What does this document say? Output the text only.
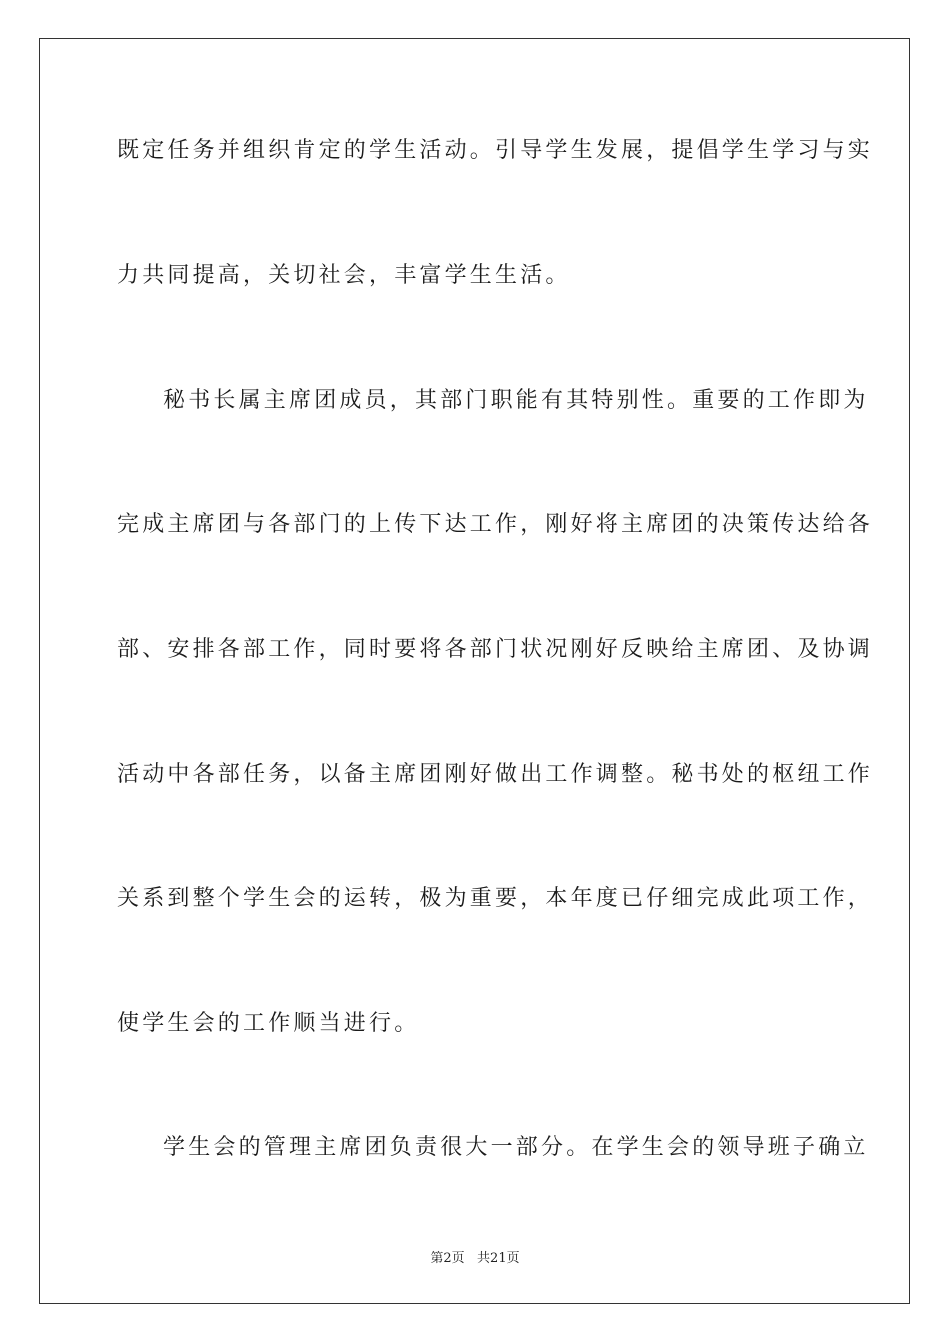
既定任务并组织肯定的学生活动。引导学生发展，提倡学生学习与实
力共同提高，关切社会，丰富学生生活。
秘书长属主席团成员，其部门职能有其特别性。重要的工作即为
完成主席团与各部门的上传下达工作，刚好将主席团的决策传达给各
部、安排各部工作，同时要将各部门状况刚好反映给主席团、及协调
活动中各部任务，以备主席团刚好做出工作调整。秘书处的枢纽工作
关系到整个学生会的运转，极为重要，本年度已仔细完成此项工作，
使学生会的工作顺当进行。
学生会的管理主席团负责很大一部分。在学生会的领导班子确立
第2页   共21页
